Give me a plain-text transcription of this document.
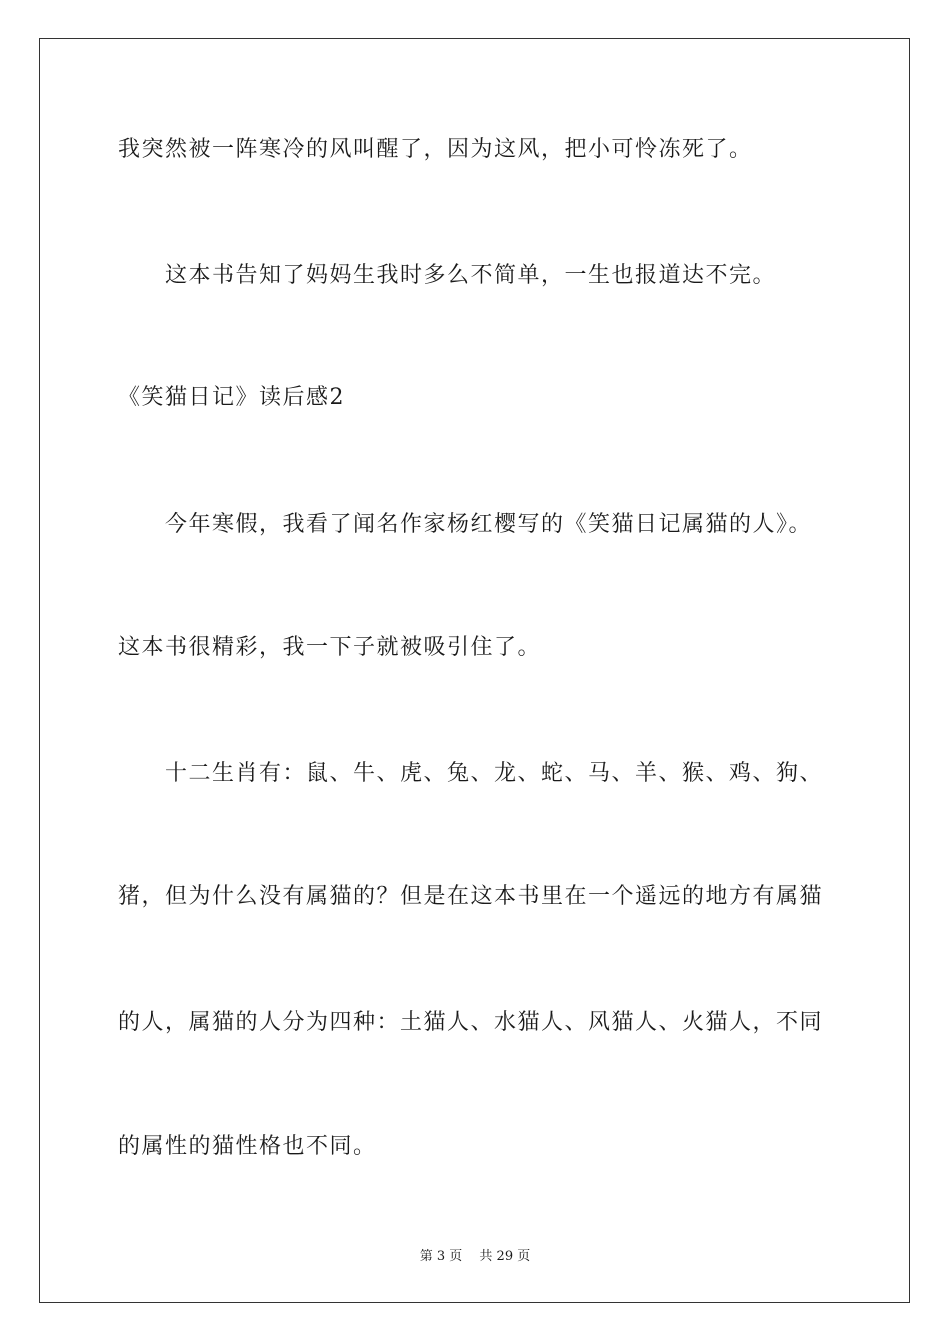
我突然被一阵寒冷的风叫醒了，因为这风，把小可怜冻死了。
这本书告知了妈妈生我时多么不简单，一生也报道达不完。
《笑猫日记》读后感2
今年寒假，我看了闻名作家杨红樱写的《笑猫日记属猫的人》。
这本书很精彩，我一下子就被吸引住了。
十二生肖有：鼠、牛、虎、兔、龙、蛇、马、羊、猴、鸡、狗、
猪，但为什么没有属猫的？但是在这本书里在一个遥远的地方有属猫
的人，属猫的人分为四种：土猫人、水猫人、风猫人、火猫人，不同
的属性的猫性格也不同。
第 3 页　 共 29 页
